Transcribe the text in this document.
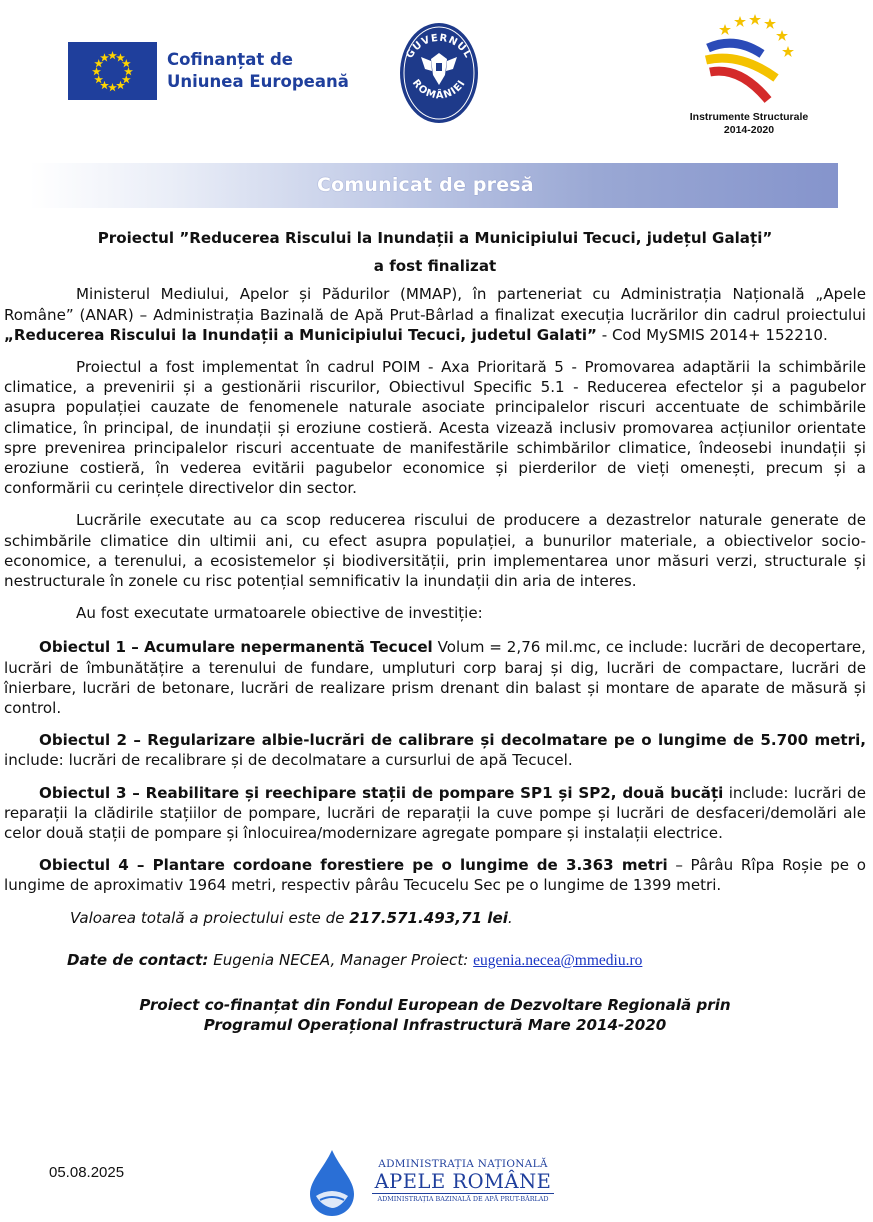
Cofinanțat de
Uniunea Europeană
GUVERNUL
ROMÂNIEI
Instrumente Structurale
2014-2020
Comunicat de presă
Proiectul ”Reducerea Riscului la Inundații a Municipiului Tecuci, județul Galați”
a fost finalizat

Ministerul Mediului, Apelor și Pădurilor (MMAP), în parteneriat cu Administrația Națională „Apele Române” (ANAR) – Administrația Bazinală de Apă Prut-Bârlad a finalizat execuția lucrărilor din cadrul proiectului „Reducerea Riscului la Inundații a Municipiului Tecuci, judetul Galati” - Cod MySMIS 2014+ 152210.

Proiectul a fost implementat în cadrul POIM - Axa Prioritară 5 - Promovarea adaptării la schimbările climatice, a prevenirii și a gestionării riscurilor, Obiectivul Specific 5.1 - Reducerea efectelor și a pagubelor asupra populației cauzate de fenomenele naturale asociate principalelor riscuri accentuate de schimbările climatice, în principal, de inundații și eroziune costieră. Acesta vizează inclusiv promovarea acțiunilor orientate spre prevenirea principalelor riscuri accentuate de manifestările schimbărilor climatice, îndeosebi inundații și eroziune costieră, în vederea evitării pagubelor economice și pierderilor de vieți omenești, precum și a conformării cu cerințele directivelor din sector.

Lucrările executate au ca scop reducerea riscului de producere a dezastrelor naturale generate de schimbările climatice din ultimii ani, cu efect asupra populației, a bunurilor materiale, a obiectivelor socio-economice, a terenului, a ecosistemelor și biodiversității, prin implementarea unor măsuri verzi, structurale și nestructurale în zonele cu risc potențial semnificativ la inundații din aria de interes.

Au fost executate urmatoarele obiective de investiție:

Obiectul 1 – Acumulare nepermanentă Tecucel Volum = 2,76 mil.mc, ce include: lucrări de decopertare, lucrări de îmbunătățire a terenului de fundare, umpluturi corp baraj și dig, lucrări de compactare, lucrări de înierbare, lucrări de betonare, lucrări de realizare prism drenant din balast și montare de aparate de măsură și control.

Obiectul 2 – Regularizare albie-lucrări de calibrare și decolmatare pe o lungime de 5.700 metri, include: lucrări de recalibrare și de decolmatare a cursurlui de apă Tecucel.

Obiectul 3 – Reabilitare și reechipare stații de pompare SP1 și SP2, două bucăți include: lucrări de reparații la clădirile stațiilor de pompare, lucrări de reparații la cuve pompe și lucrări de desfaceri/demolări ale celor două stații de pompare și înlocuirea/modernizare agregate pompare și instalații electrice.

Obiectul 4 – Plantare cordoane forestiere pe o lungime de 3.363 metri – Pârâu Rîpa Roșie pe o lungime de aproximativ 1964 metri, respectiv pârâu Tecucelu Sec pe o lungime de 1399 metri.

Valoarea totală a proiectului este de 217.571.493,71 lei.

Date de contact: Eugenia NECEA, Manager Proiect: eugenia.necea@mmediu.ro

Proiect co-finanțat din Fondul European de Dezvoltare Regională prin
Programul Operațional Infrastructură Mare 2014-2020
05.08.2025	ADMINISTRAȚIA NAȚIONALĂ
APELE ROMÂNE
ADMINISTRAȚIA BAZINALĂ DE APĂ PRUT-BÂRLAD
